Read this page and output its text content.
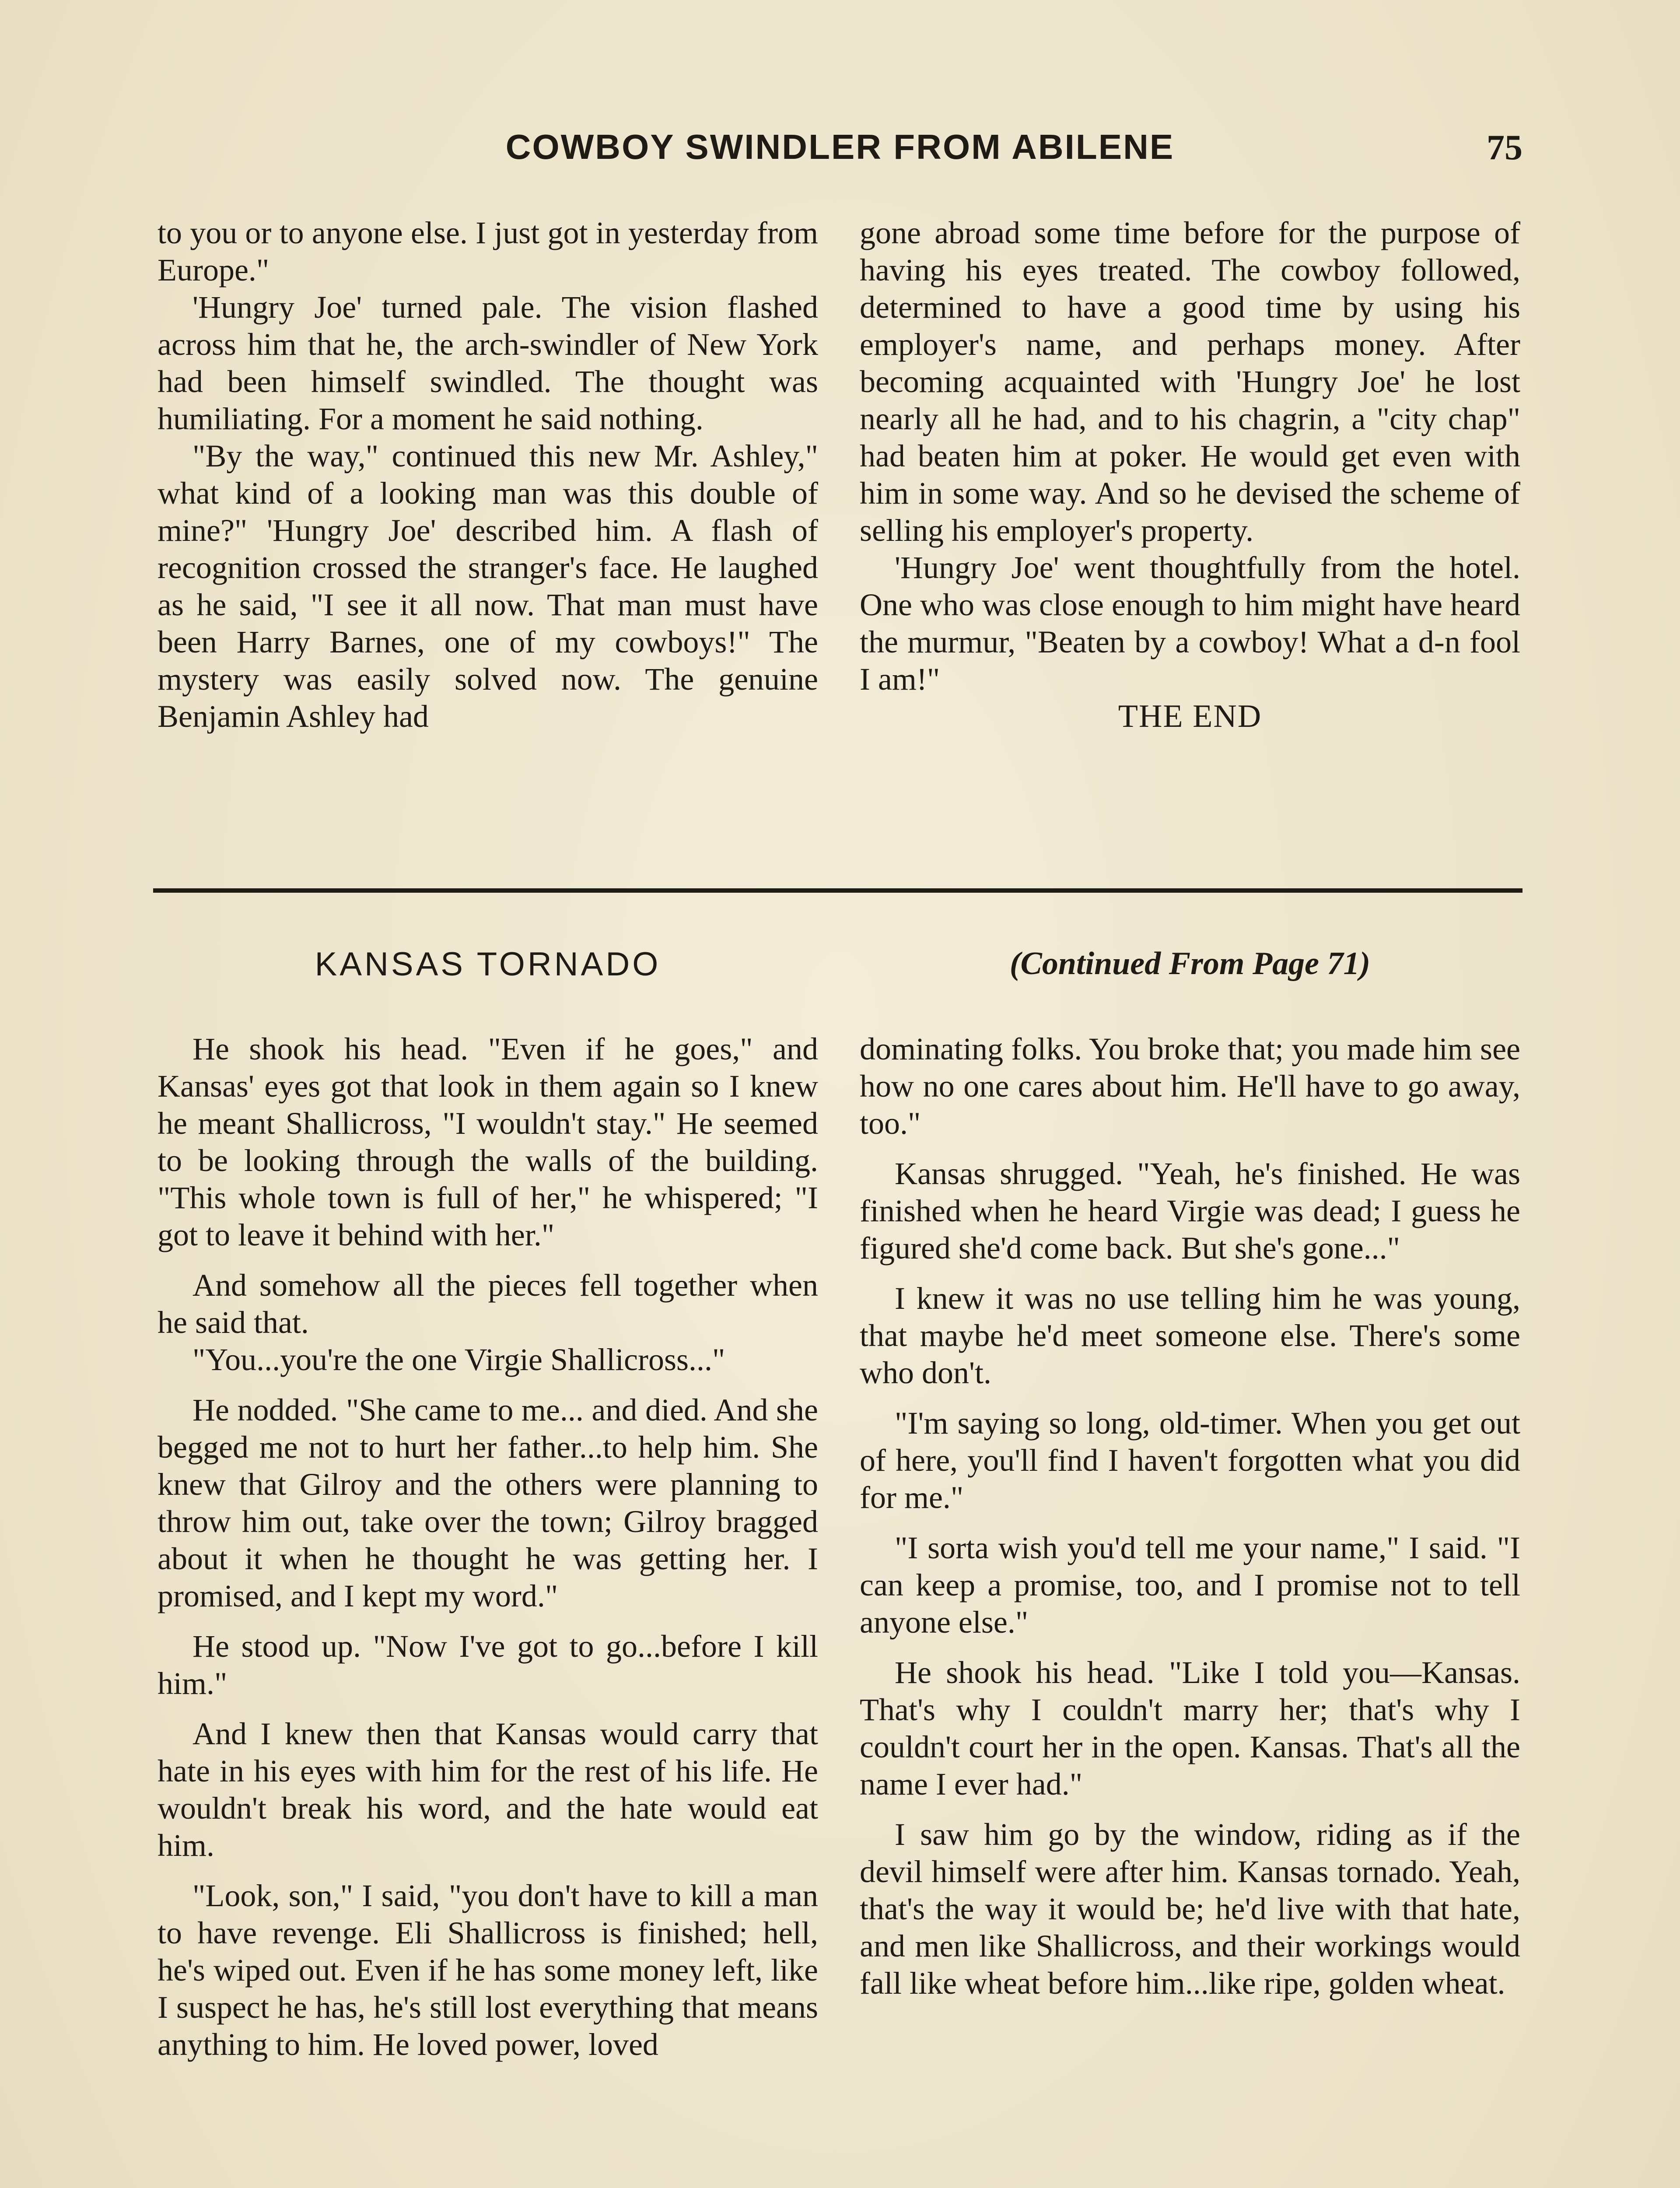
COWBOY SWINDLER FROM ABILENE	75

to you or to anyone else. I just got in yesterday from Europe."

'Hungry Joe' turned pale. The vision flashed across him that he, the arch-swindler of New York had been himself swindled. The thought was humiliating. For a moment he said nothing.

"By the way," continued this new Mr. Ashley," what kind of a looking man was this double of mine?" 'Hungry Joe' described him. A flash of recognition crossed the stranger's face. He laughed as he said, "I see it all now. That man must have been Harry Barnes, one of my cowboys!" The mystery was easily solved now. The genuine Benjamin Ashley had

gone abroad some time before for the purpose of having his eyes treated. The cowboy followed, determined to have a good time by using his employer's name, and perhaps money. After becoming acquainted with 'Hungry Joe' he lost nearly all he had, and to his chagrin, a "city chap" had beaten him at poker. He would get even with him in some way. And so he devised the scheme of selling his employer's property.

'Hungry Joe' went thoughtfully from the hotel. One who was close enough to him might have heard the murmur, "Beaten by a cowboy! What a d-n fool I am!"

THE END
KANSAS TORNADO	(Continued From Page 71)

He shook his head. "Even if he goes," and Kansas' eyes got that look in them again so I knew he meant Shallicross, "I wouldn't stay." He seemed to be looking through the walls of the building. "This whole town is full of her," he whispered; "I got to leave it behind with her."

And somehow all the pieces fell together when he said that.

"You...you're the one Virgie Shallicross..."

He nodded. "She came to me... and died. And she begged me not to hurt her father...to help him. She knew that Gilroy and the others were planning to throw him out, take over the town; Gilroy bragged about it when he thought he was getting her. I promised, and I kept my word."

He stood up. "Now I've got to go...before I kill him."

And I knew then that Kansas would carry that hate in his eyes with him for the rest of his life. He wouldn't break his word, and the hate would eat him.

"Look, son," I said, "you don't have to kill a man to have revenge. Eli Shallicross is finished; hell, he's wiped out. Even if he has some money left, like I suspect he has, he's still lost everything that means anything to him. He loved power, loved

dominating folks. You broke that; you made him see how no one cares about him. He'll have to go away, too."

Kansas shrugged. "Yeah, he's finished. He was finished when he heard Virgie was dead; I guess he figured she'd come back. But she's gone..."

I knew it was no use telling him he was young, that maybe he'd meet someone else. There's some who don't.

"I'm saying so long, old-timer. When you get out of here, you'll find I haven't forgotten what you did for me."

"I sorta wish you'd tell me your name," I said. "I can keep a promise, too, and I promise not to tell anyone else."

He shook his head. "Like I told you—Kansas. That's why I couldn't marry her; that's why I couldn't court her in the open. Kansas. That's all the name I ever had."

I saw him go by the window, riding as if the devil himself were after him. Kansas tornado. Yeah, that's the way it would be; he'd live with that hate, and men like Shallicross, and their workings would fall like wheat before him...like ripe, golden wheat.
